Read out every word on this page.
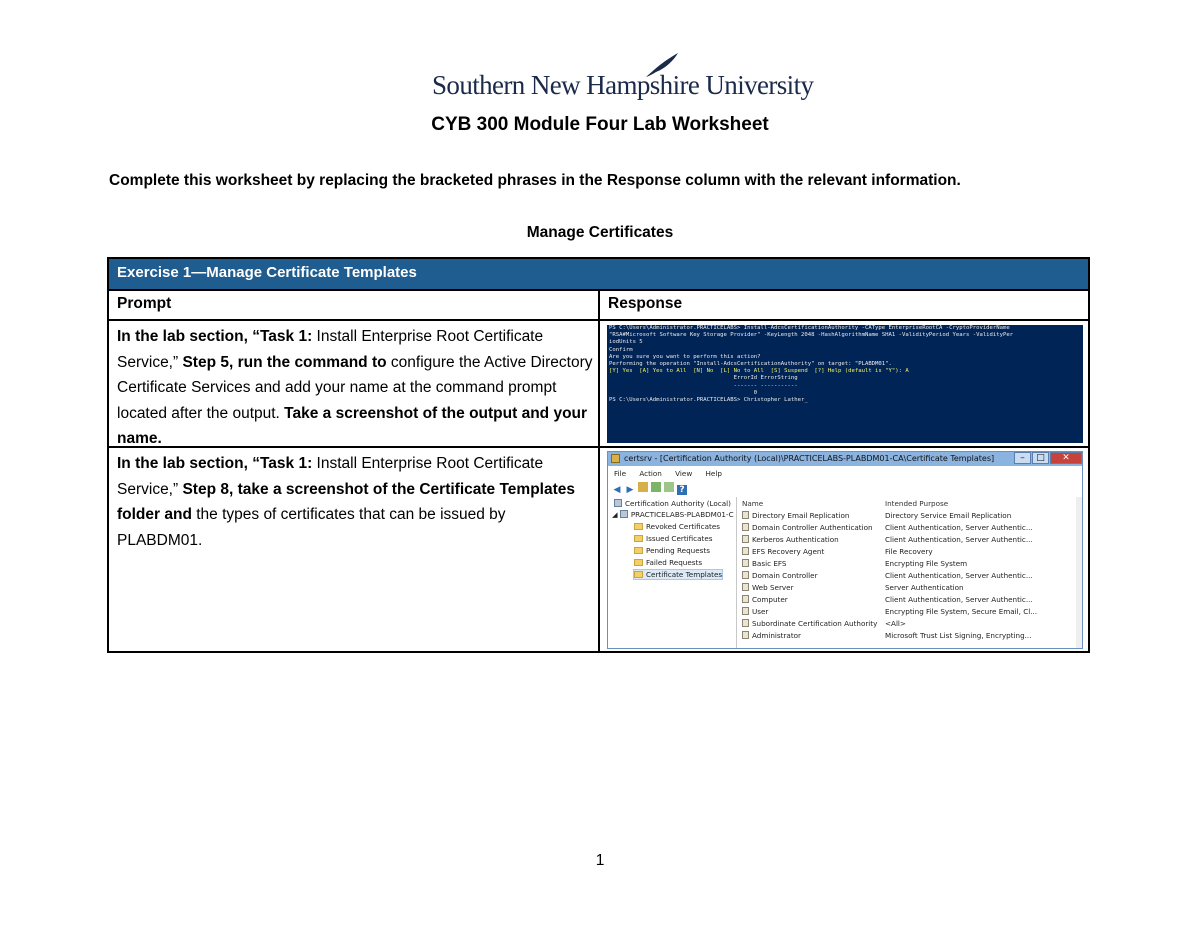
Southern New Hampshire University
CYB 300 Module Four Lab Worksheet
Complete this worksheet by replacing the bracketed phrases in the Response column with the relevant information.
Manage Certificates
Exercise 1—Manage Certificate Templates
Prompt	Response
In the lab section, “Task 1: Install Enterprise Root Certificate Service,” Step 5, run the command to configure the Active Directory Certificate Services and add your name at the command prompt located after the output. Take a screenshot of the output and your name.
PS C:\Users\Administrator.PRACTICELABS> Install-AdcsCertificationAuthority -CAType EnterpriseRootCA -CryptoProviderName
"RSA#Microsoft Software Key Storage Provider" -KeyLength 2048 -HashAlgorithmName SHA1 -ValidityPeriod Years -ValidityPer
iodUnits 5
Confirm
Are you sure you want to perform this action?
Performing the operation "Install-AdcsCertificationAuthority" on target: "PLABDM01".
[Y] Yes  [A] Yes to All  [N] No  [L] No to All  [S] Suspend  [?] Help (default is "Y"): A
ErrorId ErrorString
------- -----------
0
PS C:\Users\Administrator.PRACTICELABS> Christopher Lather_
In the lab section, “Task 1: Install Enterprise Root Certificate Service,” Step 8, take a screenshot of the Certificate Templates folder and the types of certificates that can be issued by PLABDM01.
certsrv - [Certification Authority (Local)\PRACTICELABS-PLABDM01-CA\Certificate Templates]	–	□	✕
File Action View Help
◀ ▶	?
Certification Authority (Local)
◢ PRACTICELABS-PLABDM01-C
Revoked Certificates
Issued Certificates
Pending Requests
Failed Requests
Certificate Templates
Name	Intended Purpose
Directory Email Replication	Directory Service Email Replication
Domain Controller Authentication Client Authentication, Server Authentic...
Kerberos Authentication	Client Authentication, Server Authentic...
EFS Recovery Agent	File Recovery
Basic EFS	Encrypting File System
Domain Controller	Client Authentication, Server Authentic...
Web Server	Server Authentication
Computer	Client Authentication, Server Authentic...
User	Encrypting File System, Secure Email, Cl...
Subordinate Certification Authority <All>
Administrator	Microsoft Trust List Signing, Encrypting...
1
